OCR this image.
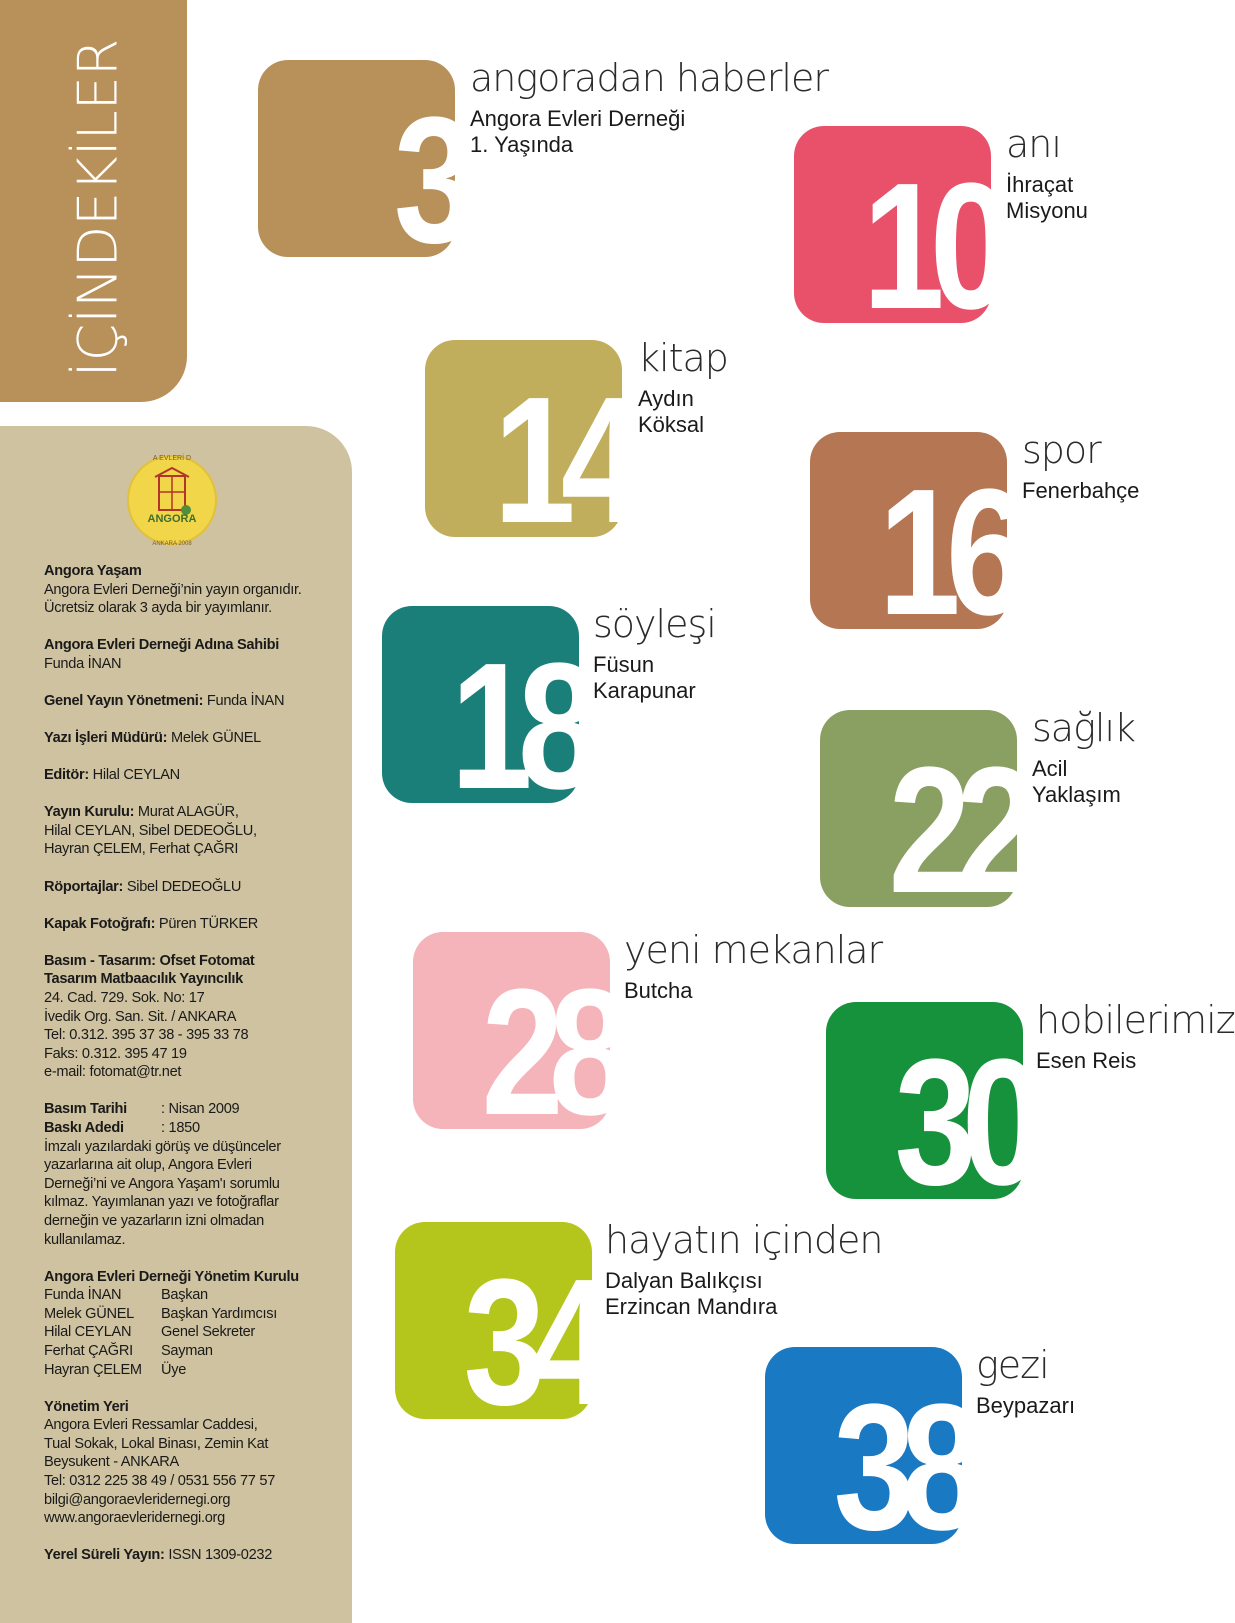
İÇİNDEKİLER
A EVLERİ D
ANGORA
ANKARA 2008
Angora Yaşam
Angora Evleri Derneği’nin yayın organıdır.
Ücretsiz olarak 3 ayda bir yayımlanır.
Angora Evleri Derneği Adına Sahibi
Funda İNAN
Genel Yayın Yönetmeni: Funda İNAN
Yazı İşleri Müdürü: Melek GÜNEL
Editör: Hilal CEYLAN
Yayın Kurulu: Murat ALAGÜR,
Hilal CEYLAN, Sibel DEDEOĞLU,
Hayran ÇELEM, Ferhat ÇAĞRI
Röportajlar: Sibel DEDEOĞLU
Kapak Fotoğrafı: Püren TÜRKER
Basım - Tasarım: Ofset Fotomat
Tasarım Matbaacılık Yayıncılık
24. Cad. 729. Sok. No: 17
İvedik Org. San. Sit. / ANKARA
Tel: 0.312. 395 37 38 - 395 33 78
Faks: 0.312. 395 47 19
e-mail: fotomat@tr.net
Basım Tarihi	: Nisan 2009
Baskı Adedi	: 1850
İmzalı yazılardaki görüş ve düşünceler
yazarlarına ait olup, Angora Evleri
Derneği’ni ve Angora Yaşam'ı sorumlu
kılmaz. Yayımlanan yazı ve fotoğraflar
derneğin ve yazarların izni olmadan
kullanılamaz.
Angora Evleri Derneği Yönetim Kurulu
Funda İNAN	Başkan
Melek GÜNEL	Başkan Yardımcısı
Hilal CEYLAN	Genel Sekreter
Ferhat ÇAĞRI	Sayman
Hayran ÇELEM	Üye
Yönetim Yeri
Angora Evleri Ressamlar Caddesi,
Tual Sokak, Lokal Binası, Zemin Kat
Beysukent - ANKARA
Tel: 0312 225 38 49 / 0531 556 77 57
bilgi@angoraevleridernegi.org
www.angoraevleridernegi.org
Yerel Süreli Yayın: ISSN 1309-0232
3
angoradan haberler
Angora Evleri Derneği
1. Yaşında
10
anı
İhraçat
Misyonu
14
kitap
Aydın
Köksal
16
spor
Fenerbahçe
18
söyleşi
Füsun
Karapunar
22
sağlık
Acil
Yaklaşım
28
yeni mekanlar
Butcha
30
hobilerimiz
Esen Reis
34
hayatın içinden
Dalyan Balıkçısı
Erzincan Mandıra
38
gezi
Beypazarı
